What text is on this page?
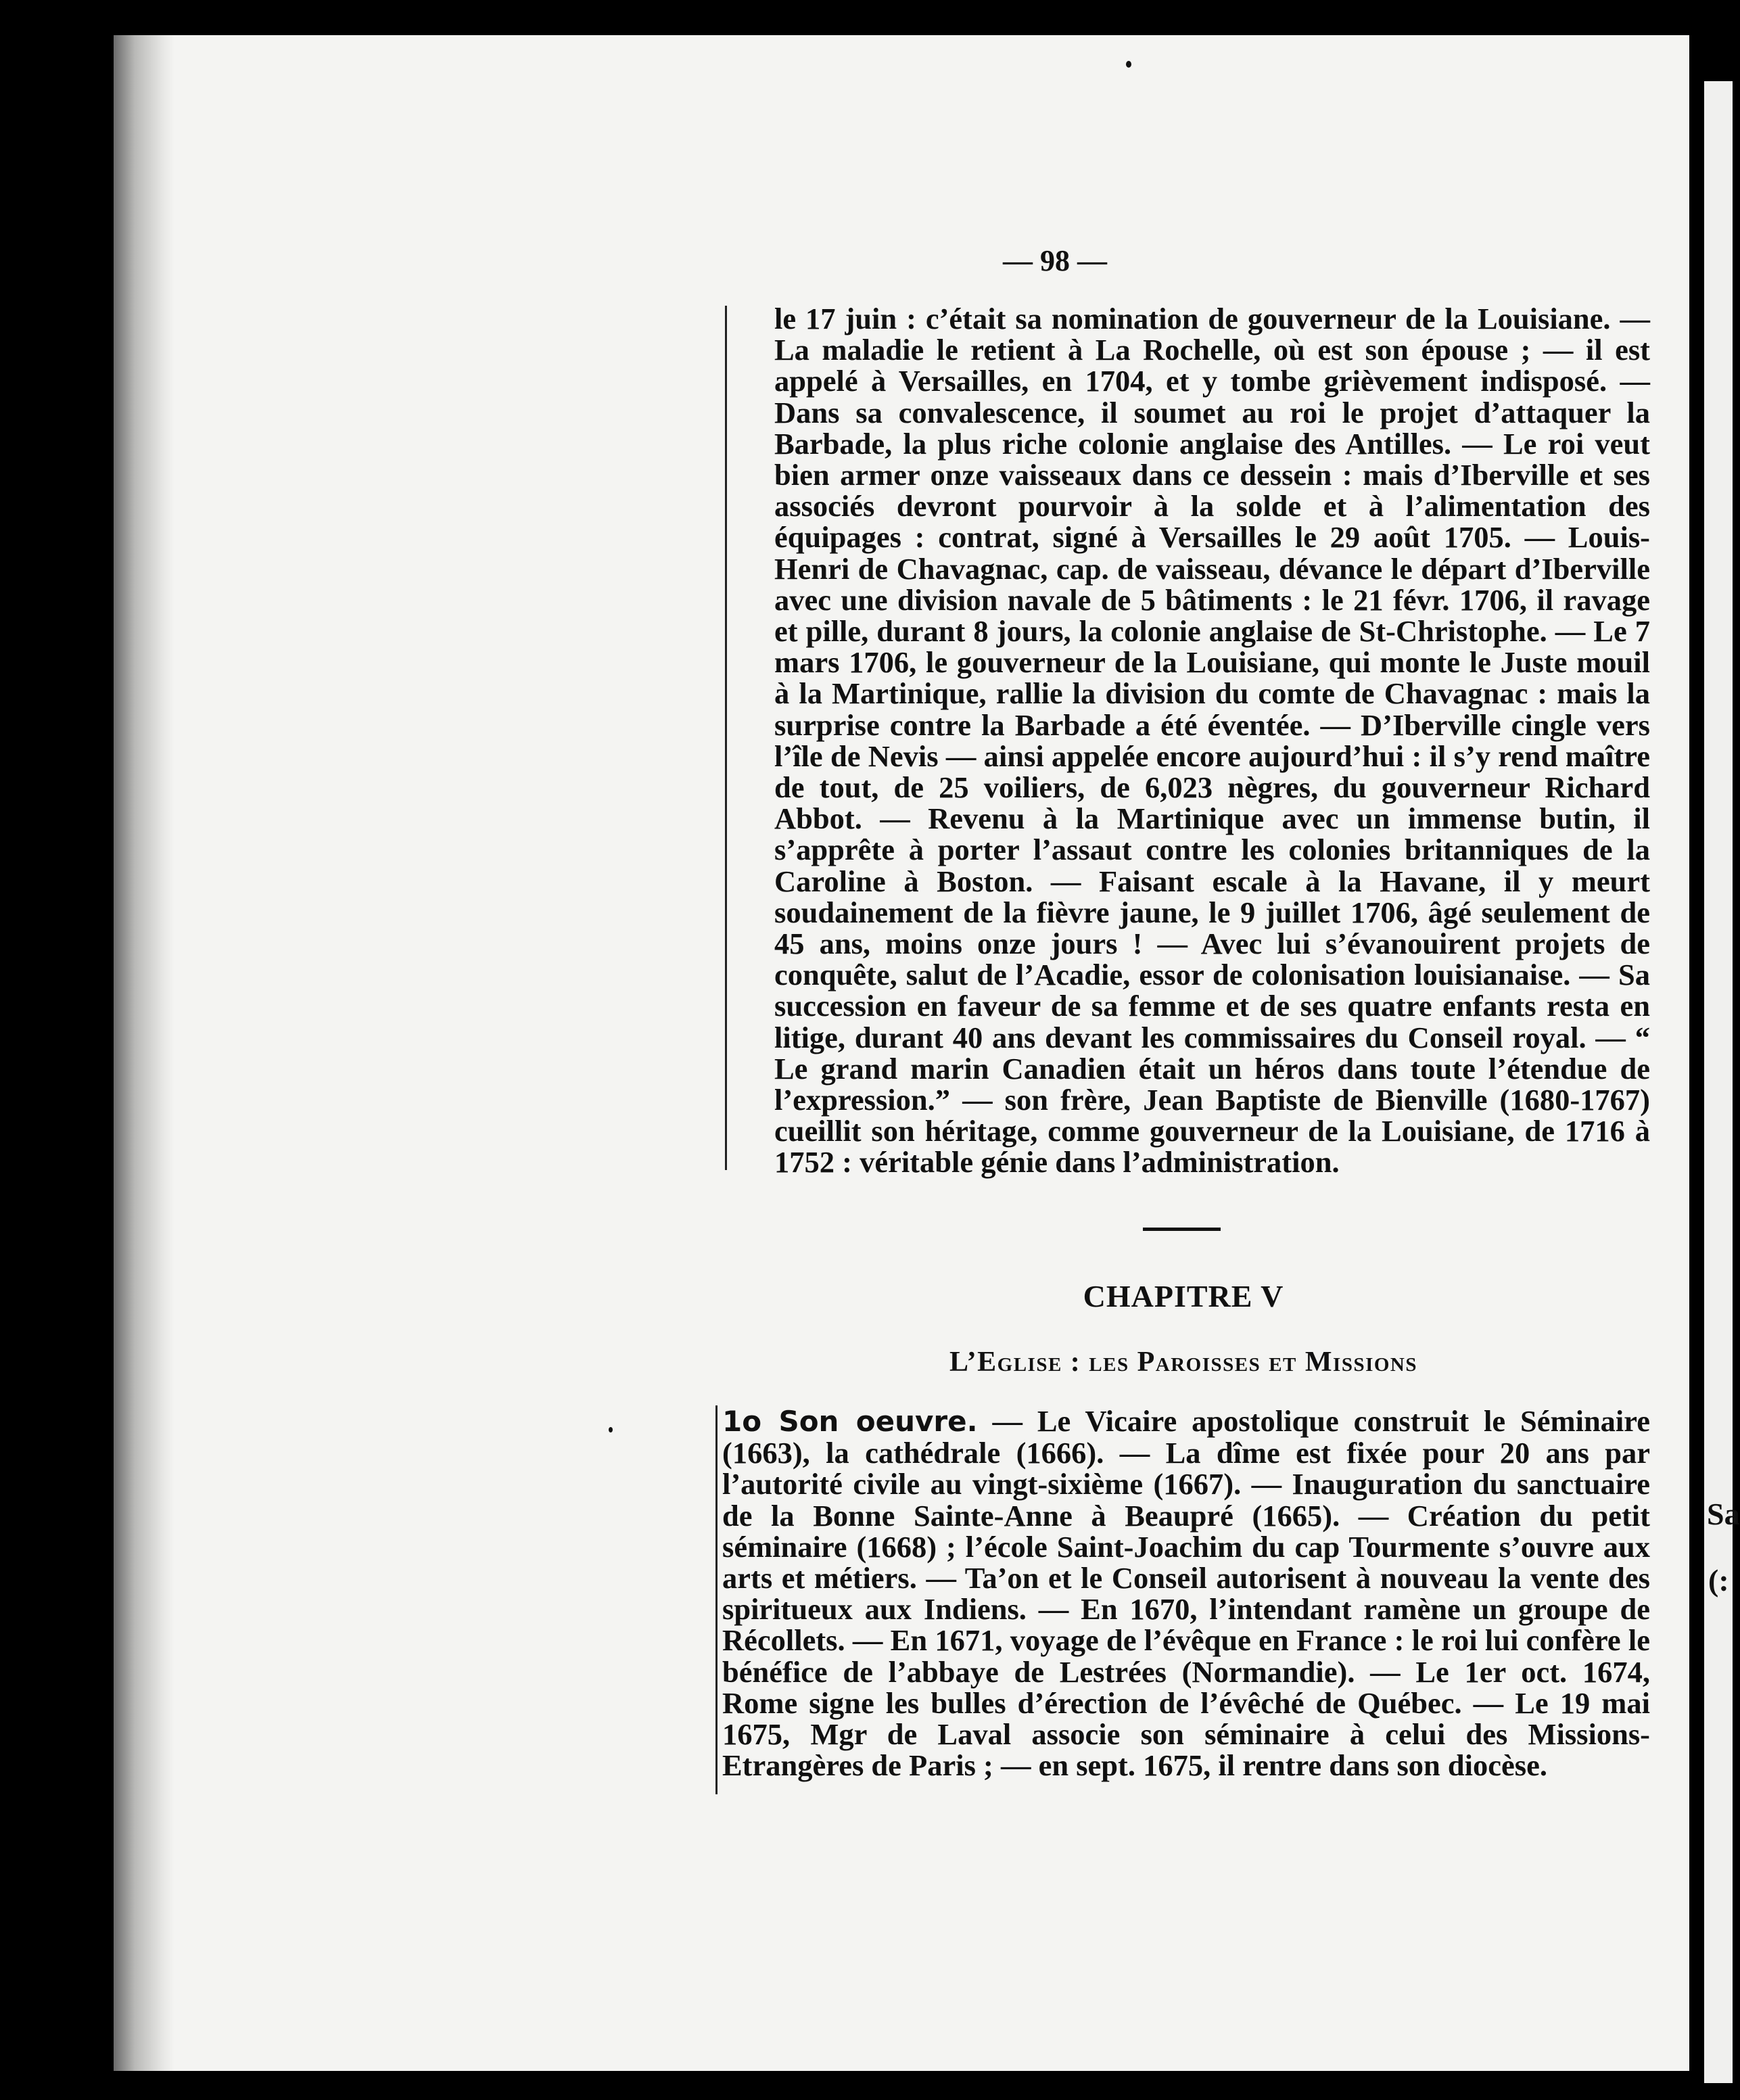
Sa
(:
— 98 —
le 17 juin : c’était sa nomination de gouverneur de la Louisiane. — La maladie le retient à La Rochelle, où est son épouse ; — il est appelé à Versailles, en 1704, et y tombe grièvement indisposé. — Dans sa convalescence, il soumet au roi le projet d’attaquer la Barbade, la plus riche colonie anglaise des Antilles. — Le roi veut bien armer onze vaisseaux dans ce dessein : mais d’Iberville et ses associés devront pourvoir à la solde et à l’alimentation des équipages : contrat, signé à Versailles le 29 août 1705. — Louis-Henri de Chavagnac, cap. de vaisseau, dévance le départ d’Iberville avec une division navale de 5 bâtiments : le 21 févr. 1706, il ravage et pille, durant 8 jours, la colonie anglaise de St-Christophe. — Le 7 mars 1706, le gouverneur de la Louisiane, qui monte le Juste mouil à la Martinique, rallie la division du comte de Chavagnac : mais la surprise contre la Barbade a été éventée. — D’Iberville cingle vers l’île de Nevis — ainsi appelée encore aujourd’hui : il s’y rend maître de tout, de 25 voiliers, de 6,023 nègres, du gouverneur Richard Abbot. — Revenu à la Martinique avec un immense butin, il s’apprête à porter l’assaut contre les colonies britanniques de la Caroline à Boston. — Faisant escale à la Havane, il y meurt soudainement de la fièvre jaune, le 9 juillet 1706, âgé seulement de 45 ans, moins onze jours ! — Avec lui s’évanouirent projets de conquête, salut de l’Acadie, essor de colonisation louisianaise. — Sa succession en faveur de sa femme et de ses quatre enfants resta en litige, durant 40 ans devant les commissaires du Conseil royal. — “ Le grand marin Canadien était un héros dans toute l’étendue de l’expression.” — son frère, Jean Baptiste de Bienville (1680-1767) cueillit son héritage, comme gouverneur de la Louisiane, de 1716 à 1752 : véritable génie dans l’administration.
CHAPITRE V
L’Eglise : les Paroisses et Missions
1o Son oeuvre. — Le Vicaire apostolique construit le Séminaire (1663), la cathédrale (1666). — La dîme est fixée pour 20 ans par l’autorité civile au vingt-sixième (1667). — Inauguration du sanctuaire de la Bonne Sainte-Anne à Beaupré (1665). — Création du petit séminaire (1668) ; l’école Saint-Joachim du cap Tourmente s’ouvre aux arts et métiers. — Ta’on et le Conseil autorisent à nouveau la vente des spiritueux aux Indiens. — En 1670, l’intendant ramène un groupe de Récollets. — En 1671, voyage de l’évêque en France : le roi lui confère le bénéfice de l’abbaye de Lestrées (Normandie). — Le 1er oct. 1674, Rome signe les bulles d’érection de l’évêché de Québec. — Le 19 mai 1675, Mgr de Laval associe son séminaire à celui des Missions-Etrangères de Paris ; — en sept. 1675, il rentre dans son diocèse.
